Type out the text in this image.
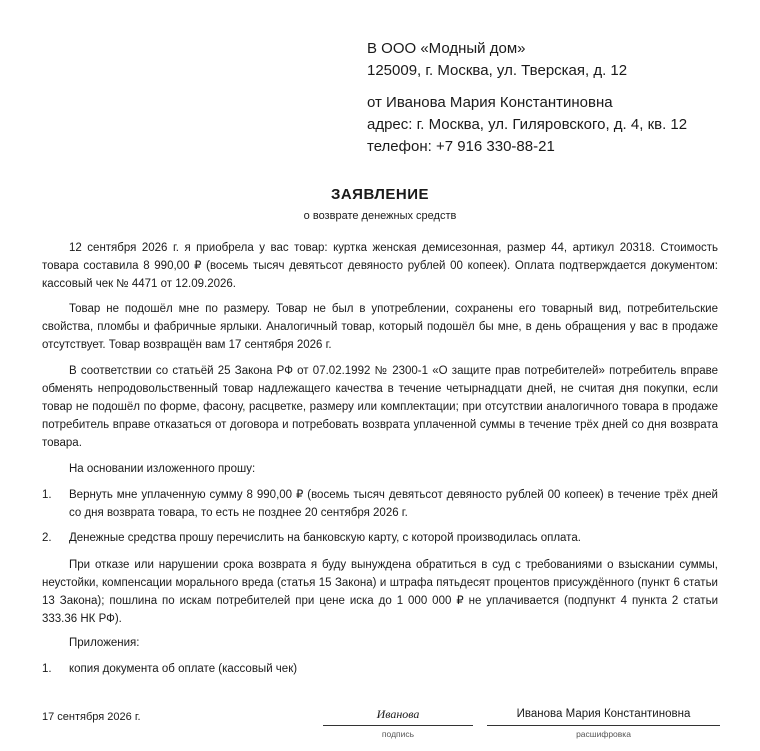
В ООО «Модный дом»
125009, г. Москва, ул. Тверская, д. 12
от Иванова Мария Константиновна
адрес: г. Москва, ул. Гиляровского, д. 4, кв. 12
телефон: +7 916 330-88-21
ЗАЯВЛЕНИЕ
о возврате денежных средств

12 сентября 2026 г. я приобрела у вас товар: куртка женская демисезонная, размер 44, артикул 20318. Стоимость товара составила 8 990,00 ₽ (восемь тысяч девятьсот девяносто рублей 00 копеек). Оплата подтверждается документом: кассовый чек № 4471 от 12.09.2026.

Товар не подошёл мне по размеру. Товар не был в употреблении, сохранены его товарный вид, потребительские свойства, пломбы и фабричные ярлыки. Аналогичный товар, который подошёл бы мне, в день обращения у вас в продаже отсутствует. Товар возвращён вам 17 сентября 2026 г.

В соответствии со статьёй 25 Закона РФ от 07.02.1992 № 2300-1 «О защите прав потребителей» потребитель вправе обменять непродовольственный товар надлежащего качества в течение четырнадцати дней, не считая дня покупки, если товар не подошёл по форме, фасону, расцветке, размеру или комплектации; при отсутствии аналогичного товара в продаже потребитель вправе отказаться от договора и потребовать возврата уплаченной суммы в течение трёх дней со дня возврата товара.

На основании изложенного прошу:

1.	Вернуть мне уплаченную сумму 8 990,00 ₽ (восемь тысяч девятьсот девяносто рублей 00 копеек) в течение трёх дней со дня возврата товара, то есть не позднее 20 сентября 2026 г.
2.	Денежные средства прошу перечислить на банковскую карту, с которой производилась оплата.

При отказе или нарушении срока возврата я буду вынуждена обратиться в суд с требованиями о взыскании суммы, неустойки, компенсации морального вреда (статья 15 Закона) и штрафа пятьдесят процентов присуждённого (пункт 6 статьи 13 Закона); пошлина по искам потребителей при цене иска до 1 000 000 ₽ не уплачивается (подпункт 4 пункта 2 статьи 333.36 НК РФ).

Приложения:
1.	копия документа об оплате (кассовый чек)
17 сентября 2026 г.	Иванова
подпись
Иванова Мария Константиновна
расшифровка
